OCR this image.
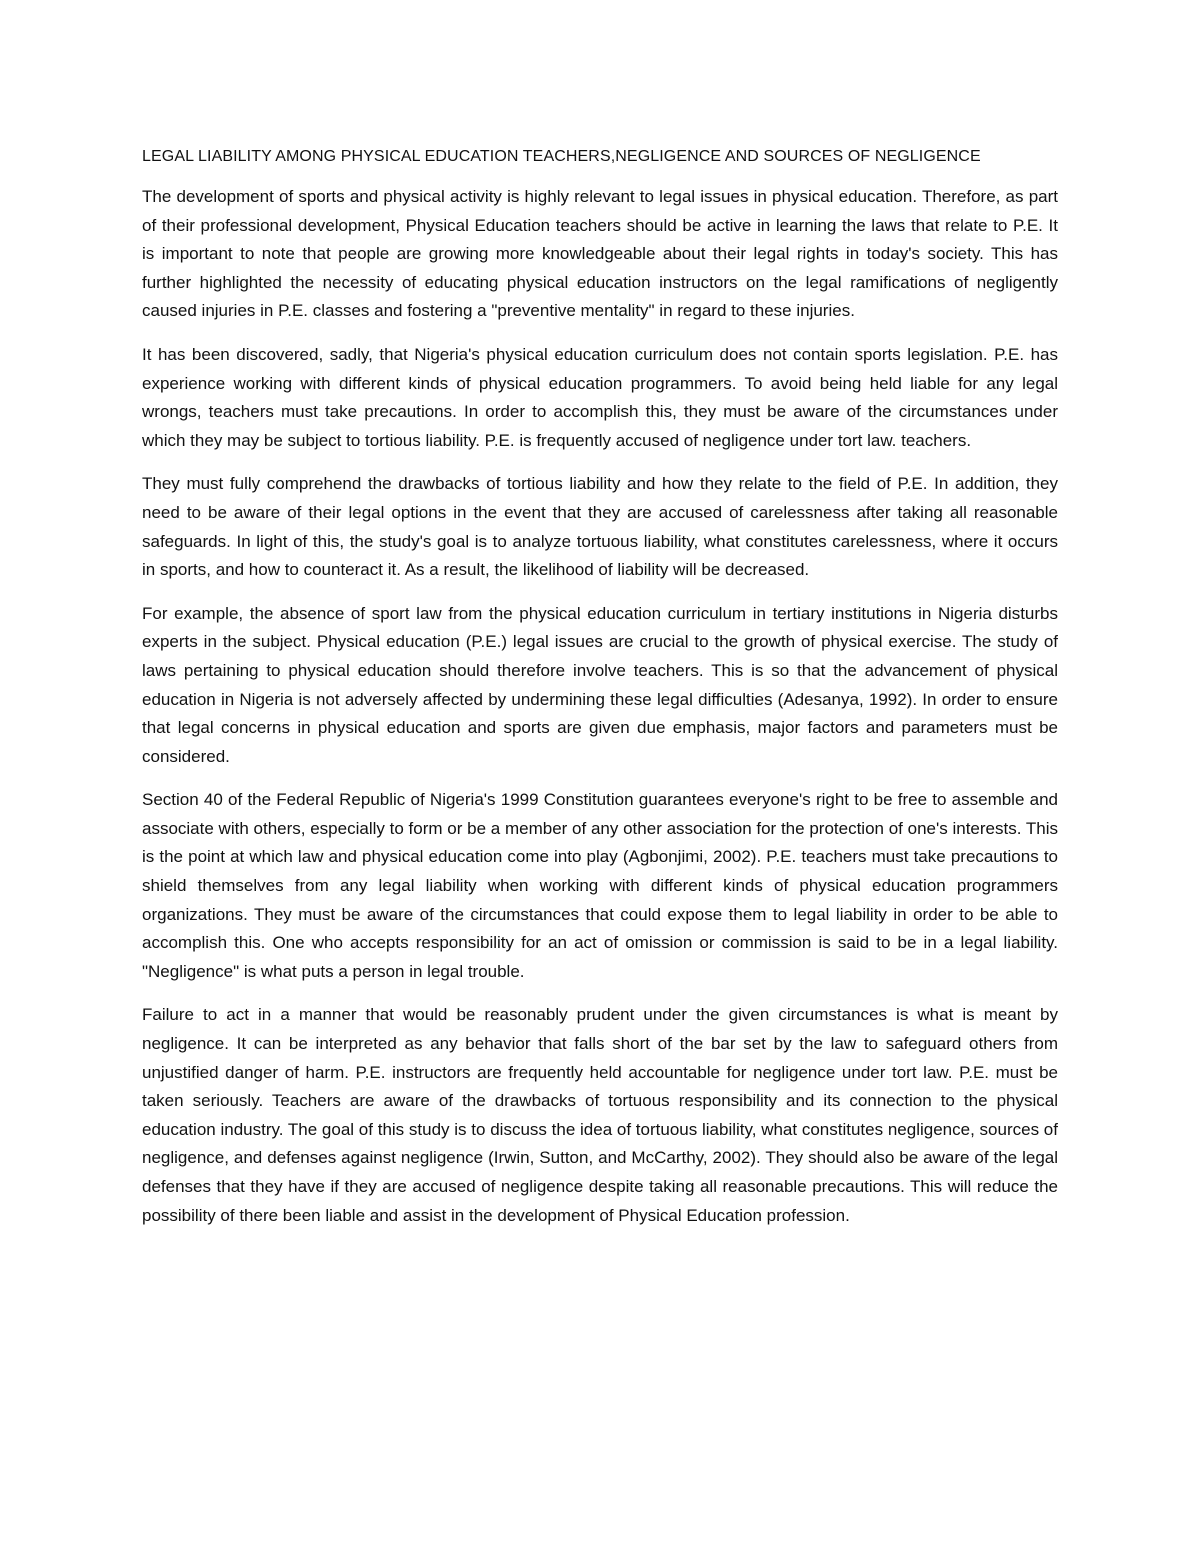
LEGAL LIABILITY AMONG PHYSICAL EDUCATION TEACHERS,NEGLIGENCE AND SOURCES OF NEGLIGENCE

The development of sports and physical activity is highly relevant to legal issues in physical education. Therefore, as part of their professional development, Physical Education teachers should be active in learning the laws that relate to P.E. It is important to note that people are growing more knowledgeable about their legal rights in today's society. This has further highlighted the necessity of educating physical education instructors on the legal ramifications of negligently caused injuries in P.E. classes and fostering a "preventive mentality" in regard to these injuries.

It has been discovered, sadly, that Nigeria's physical education curriculum does not contain sports legislation. P.E. has experience working with different kinds of physical education programmers. To avoid being held liable for any legal wrongs, teachers must take precautions. In order to accomplish this, they must be aware of the circumstances under which they may be subject to tortious liability. P.E. is frequently accused of negligence under tort law. teachers.

They must fully comprehend the drawbacks of tortious liability and how they relate to the field of P.E. In addition, they need to be aware of their legal options in the event that they are accused of carelessness after taking all reasonable safeguards. In light of this, the study's goal is to analyze tortuous liability, what constitutes carelessness, where it occurs in sports, and how to counteract it. As a result, the likelihood of liability will be decreased.

For example, the absence of sport law from the physical education curriculum in tertiary institutions in Nigeria disturbs experts in the subject. Physical education (P.E.) legal issues are crucial to the growth of physical exercise. The study of laws pertaining to physical education should therefore involve teachers. This is so that the advancement of physical education in Nigeria is not adversely affected by undermining these legal difficulties (Adesanya, 1992). In order to ensure that legal concerns in physical education and sports are given due emphasis, major factors and parameters must be considered.

Section 40 of the Federal Republic of Nigeria's 1999 Constitution guarantees everyone's right to be free to assemble and associate with others, especially to form or be a member of any other association for the protection of one's interests. This is the point at which law and physical education come into play (Agbonjimi, 2002). P.E. teachers must take precautions to shield themselves from any legal liability when working with different kinds of physical education programmers organizations. They must be aware of the circumstances that could expose them to legal liability in order to be able to accomplish this. One who accepts responsibility for an act of omission or commission is said to be in a legal liability. "Negligence" is what puts a person in legal trouble.

Failure to act in a manner that would be reasonably prudent under the given circumstances is what is meant by negligence. It can be interpreted as any behavior that falls short of the bar set by the law to safeguard others from unjustified danger of harm. P.E. instructors are frequently held accountable for negligence under tort law. P.E. must be taken seriously. Teachers are aware of the drawbacks of tortuous responsibility and its connection to the physical education industry. The goal of this study is to discuss the idea of tortuous liability, what constitutes negligence, sources of negligence, and defenses against negligence (Irwin, Sutton, and McCarthy, 2002). They should also be aware of the legal defenses that they have if they are accused of negligence despite taking all reasonable precautions. This will reduce the possibility of there been liable and assist in the development of Physical Education profession.
